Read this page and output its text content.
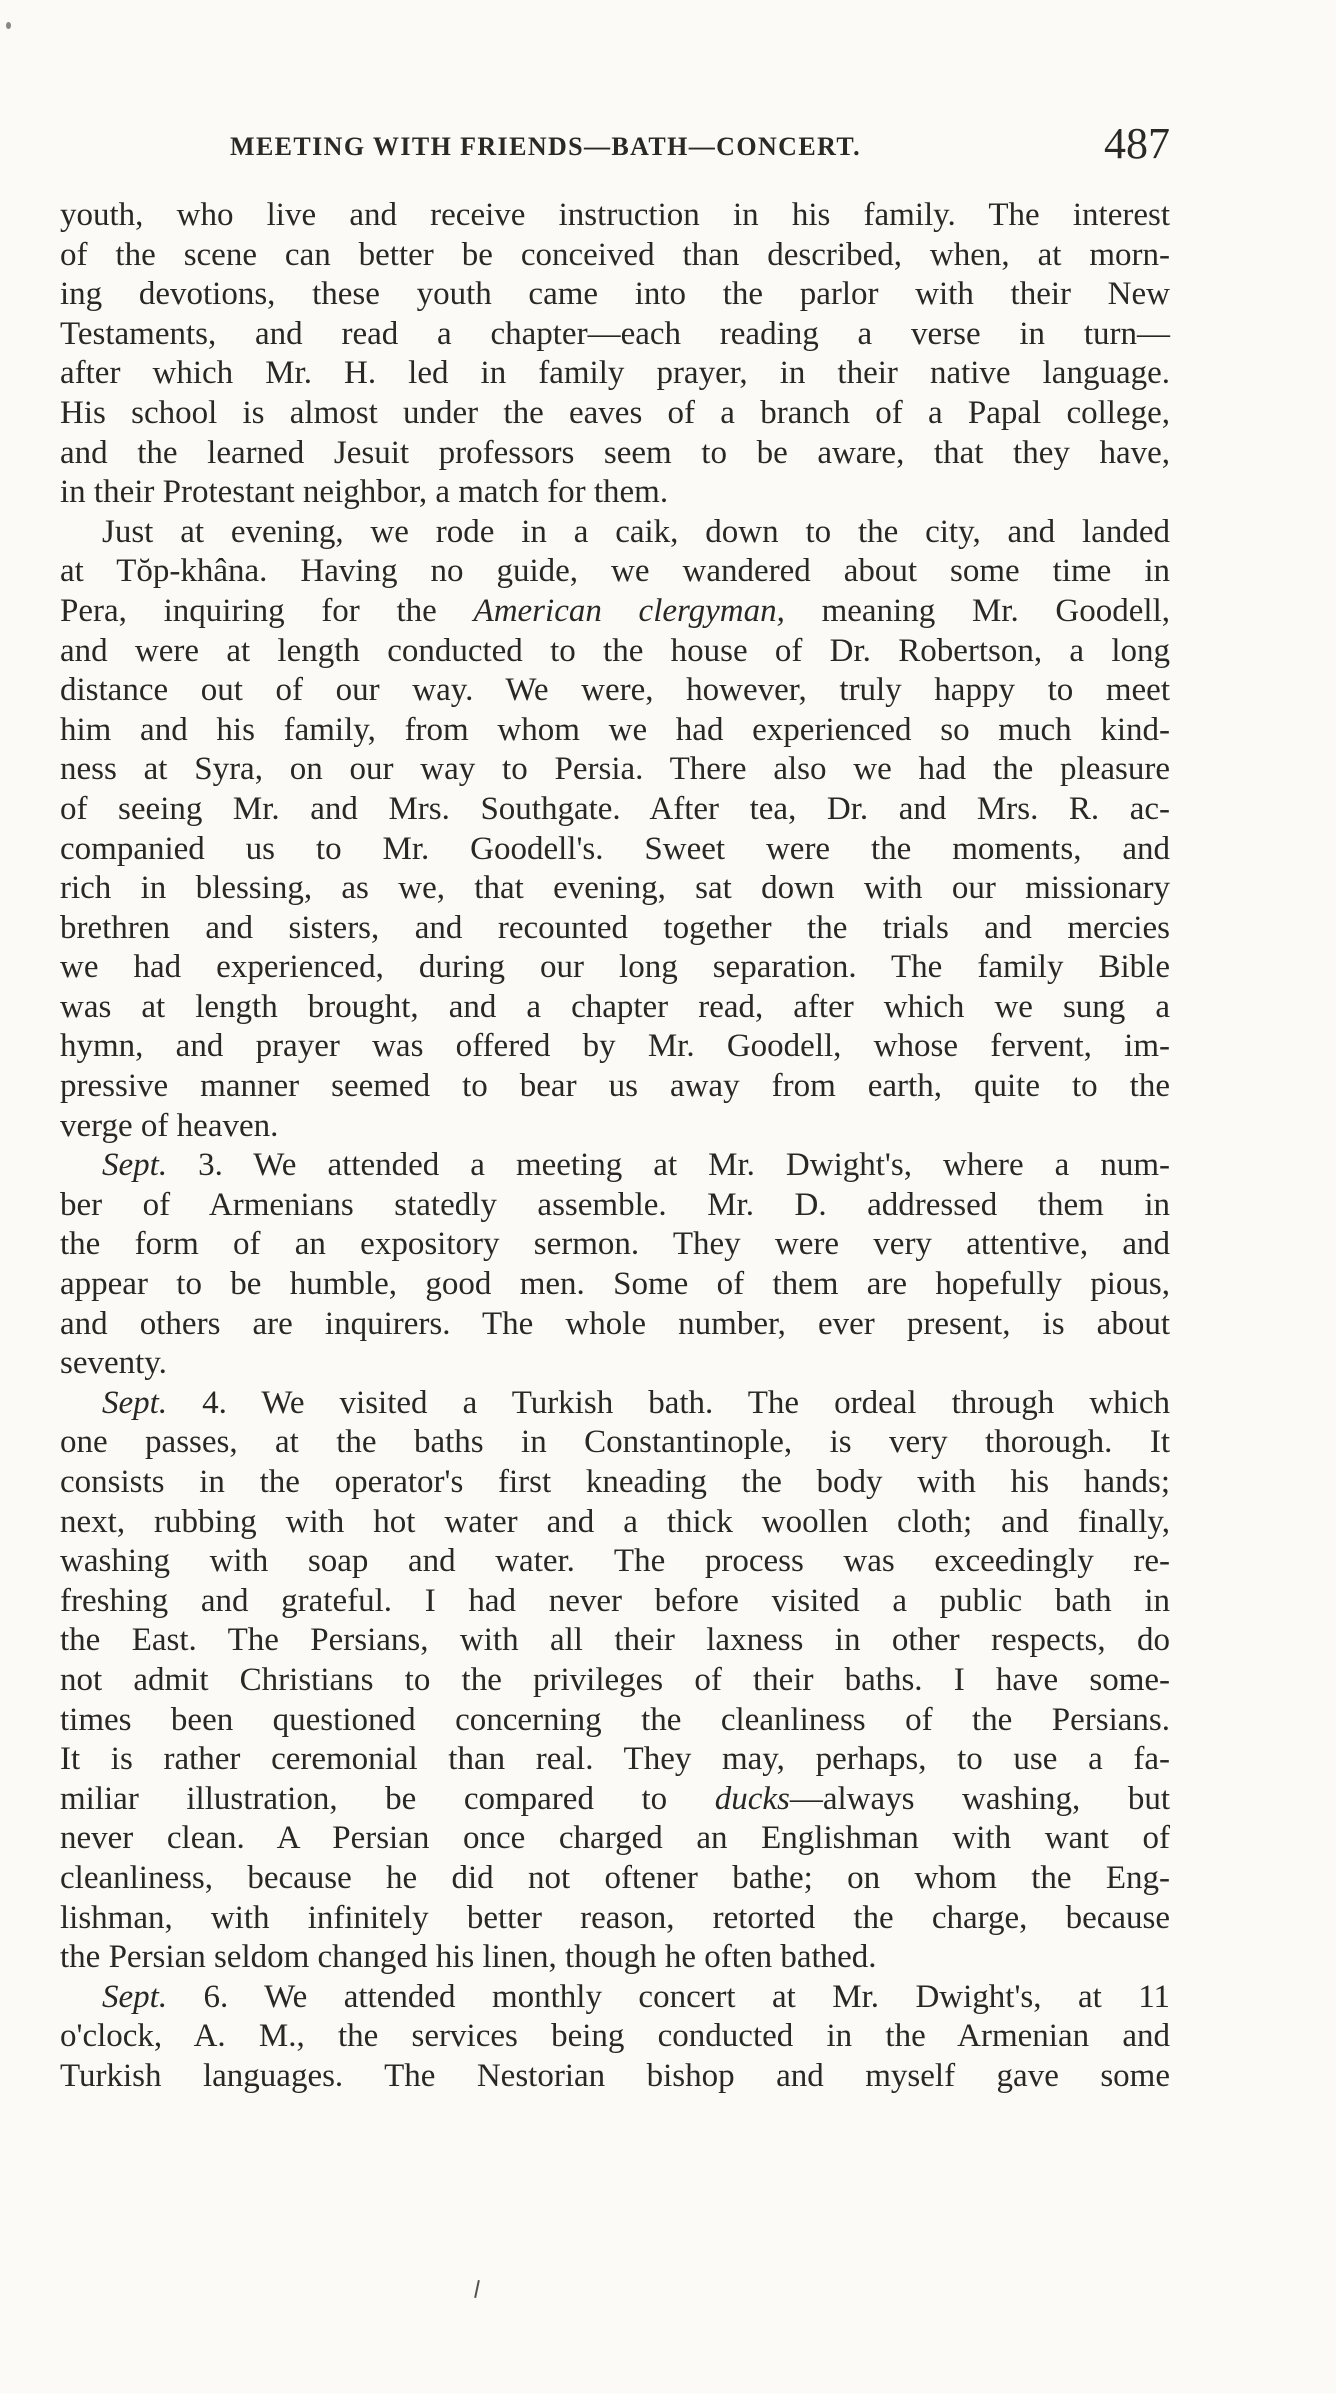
MEETING WITH FRIENDS—BATH—CONCERT.	487
youth, who live and receive instruction in his family. The interest
of the scene can better be conceived than described, when, at morn-
ing devotions, these youth came into the parlor with their New
Testaments, and read a chapter—each reading a verse in turn—
after which Mr. H. led in family prayer, in their native language.
His school is almost under the eaves of a branch of a Papal college,
and the learned Jesuit professors seem to be aware, that they have,
in their Protestant neighbor, a match for them.
Just at evening, we rode in a caik, down to the city, and landed
at Tŏp-khâna. Having no guide, we wandered about some time in
Pera, inquiring for the American clergyman, meaning Mr. Goodell,
and were at length conducted to the house of Dr. Robertson, a long
distance out of our way. We were, however, truly happy to meet
him and his family, from whom we had experienced so much kind-
ness at Syra, on our way to Persia. There also we had the pleasure
of seeing Mr. and Mrs. Southgate. After tea, Dr. and Mrs. R. ac-
companied us to Mr. Goodell's. Sweet were the moments, and
rich in blessing, as we, that evening, sat down with our missionary
brethren and sisters, and recounted together the trials and mercies
we had experienced, during our long separation. The family Bible
was at length brought, and a chapter read, after which we sung a
hymn, and prayer was offered by Mr. Goodell, whose fervent, im-
pressive manner seemed to bear us away from earth, quite to the
verge of heaven.
Sept. 3. We attended a meeting at Mr. Dwight's, where a num-
ber of Armenians statedly assemble. Mr. D. addressed them in
the form of an expository sermon. They were very attentive, and
appear to be humble, good men. Some of them are hopefully pious,
and others are inquirers. The whole number, ever present, is about
seventy.
Sept. 4. We visited a Turkish bath. The ordeal through which
one passes, at the baths in Constantinople, is very thorough. It
consists in the operator's first kneading the body with his hands;
next, rubbing with hot water and a thick woollen cloth; and finally,
washing with soap and water. The process was exceedingly re-
freshing and grateful. I had never before visited a public bath in
the East. The Persians, with all their laxness in other respects, do
not admit Christians to the privileges of their baths. I have some-
times been questioned concerning the cleanliness of the Persians.
It is rather ceremonial than real. They may, perhaps, to use a fa-
miliar illustration, be compared to ducks—always washing, but
never clean. A Persian once charged an Englishman with want of
cleanliness, because he did not oftener bathe; on whom the Eng-
lishman, with infinitely better reason, retorted the charge, because
the Persian seldom changed his linen, though he often bathed.
Sept. 6. We attended monthly concert at Mr. Dwight's, at 11
o'clock, A. M., the services being conducted in the Armenian and
Turkish languages. The Nestorian bishop and myself gave some
